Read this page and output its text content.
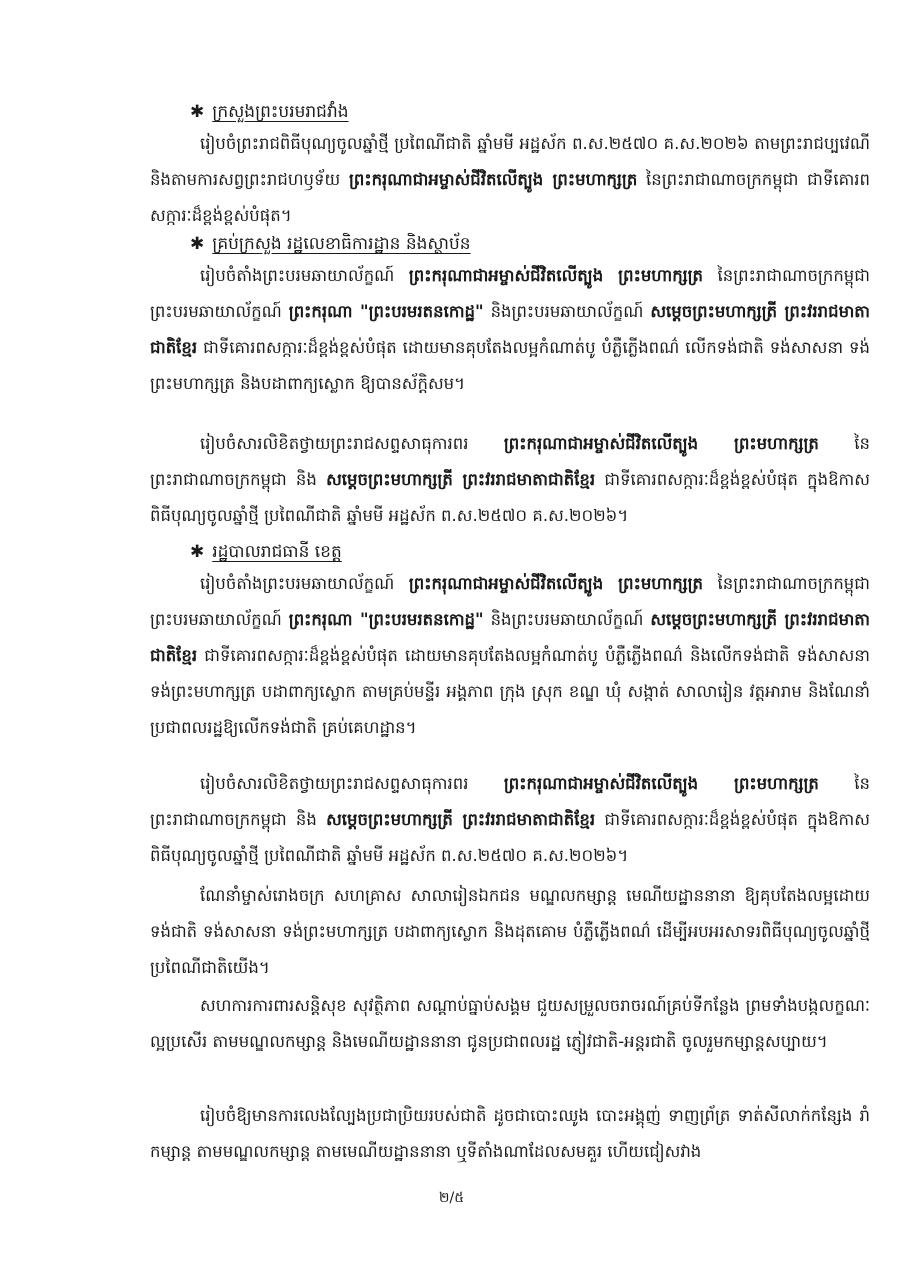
✱ ក្រសួងព្រះបរមរាជវាំង
រៀបចំព្រះរាជពិធីបុណ្យចូលឆ្នាំថ្មី ប្រពៃណីជាតិ ឆ្នាំមមី អដ្ឋស័ក ព.ស.២៥៧០ គ.ស.២០២៦ តាមព្រះរាជប្បវេណី និងតាមការសព្វព្រះរាជហឫទ័យ ព្រះករុណាជាអម្ចាស់ជីវិតលើត្បូង ព្រះមហាក្សត្រ នៃព្រះរាជាណាចក្រកម្ពុជា ជាទីគោរពសក្ការៈដ៏ខ្ពង់ខ្ពស់បំផុត។
✱ គ្រប់ក្រសួង រដ្ឋលេខាធិការដ្ឋាន និងស្ថាប័ន
រៀបចំតាំងព្រះបរមឆាយាល័ក្ខណ៍ ព្រះករុណាជាអម្ចាស់ជីវិតលើត្បូង ព្រះមហាក្សត្រ នៃព្រះរាជាណាចក្រកម្ពុជា ព្រះបរមឆាយាល័ក្ខណ៍ ព្រះករុណា "ព្រះបរមរតនកោដ្ឋ" និងព្រះបរមឆាយាល័ក្ខណ៍ សម្តេចព្រះមហាក្សត្រី ព្រះវររាជមាតាជាតិខ្មែរ ជាទីគោរពសក្ការៈដ៏ខ្ពង់ខ្ពស់បំផុត ដោយមានគុបតែងលម្អកំណាត់បូ បំភ្លឺភ្លើងពណ៌ លើកទង់ជាតិ ទង់សាសនា ទង់ព្រះមហាក្សត្រ និងបដាពាក្យស្លោក ឱ្យបានស័ក្តិសម។
រៀបចំសារលិខិតថ្វាយព្រះរាជសព្ទសាធុការពរ ព្រះករុណាជាអម្ចាស់ជីវិតលើត្បូង ព្រះមហាក្សត្រ នៃព្រះរាជាណាចក្រកម្ពុជា និង សម្តេចព្រះមហាក្សត្រី ព្រះវររាជមាតាជាតិខ្មែរ ជាទីគោរពសក្ការៈដ៏ខ្ពង់ខ្ពស់បំផុត ក្នុងឱកាសពិធីបុណ្យចូលឆ្នាំថ្មី ប្រពៃណីជាតិ ឆ្នាំមមី អដ្ឋស័ក ព.ស.២៥៧០ គ.ស.២០២៦។
✱ រដ្ឋបាលរាជធានី ខេត្ត
រៀបចំតាំងព្រះបរមឆាយាល័ក្ខណ៍ ព្រះករុណាជាអម្ចាស់ជីវិតលើត្បូង ព្រះមហាក្សត្រ នៃព្រះរាជាណាចក្រកម្ពុជា ព្រះបរមឆាយាល័ក្ខណ៍ ព្រះករុណា "ព្រះបរមរតនកោដ្ឋ" និងព្រះបរមឆាយាល័ក្ខណ៍ សម្តេចព្រះមហាក្សត្រី ព្រះវររាជមាតាជាតិខ្មែរ ជាទីគោរពសក្ការៈដ៏ខ្ពង់ខ្ពស់បំផុត ដោយមានគុបតែងលម្អកំណាត់បូ បំភ្លឺភ្លើងពណ៌ និងលើកទង់ជាតិ ទង់សាសនា ទង់ព្រះមហាក្សត្រ បដាពាក្យស្លោក តាមគ្រប់មន្ទីរ អង្គភាព ក្រុង ស្រុក ខណ្ឌ ឃុំ សង្កាត់ សាលារៀន វត្តអារាម និងណែនាំប្រជាពលរដ្ឋឱ្យលើកទង់ជាតិ គ្រប់គេហដ្ឋាន។
រៀបចំសារលិខិតថ្វាយព្រះរាជសព្ទសាធុការពរ ព្រះករុណាជាអម្ចាស់ជីវិតលើត្បូង ព្រះមហាក្សត្រ នៃព្រះរាជាណាចក្រកម្ពុជា និង សម្តេចព្រះមហាក្សត្រី ព្រះវររាជមាតាជាតិខ្មែរ ជាទីគោរពសក្ការៈដ៏ខ្ពង់ខ្ពស់បំផុត ក្នុងឱកាសពិធីបុណ្យចូលឆ្នាំថ្មី ប្រពៃណីជាតិ ឆ្នាំមមី អដ្ឋស័ក ព.ស.២៥៧០ គ.ស.២០២៦។
ណែនាំម្ចាស់រោងចក្រ សហគ្រាស សាលារៀនឯកជន មណ្ឌលកម្សាន្ត មេណីយដ្ឋាននានា ឱ្យគុបតែងលម្អដោយទង់ជាតិ ទង់សាសនា ទង់ព្រះមហាក្សត្រ បដាពាក្យស្លោក និងដុតគោម បំភ្លឺភ្លើងពណ៌ ដើម្បីអបអរសាទរពិធីបុណ្យចូលឆ្នាំថ្មី ប្រពៃណីជាតិយើង។
សហការការពារសន្តិសុខ សុវត្ថិភាព សណ្តាប់ធ្នាប់សង្គម ជួយសម្រួលចរាចរណ៍គ្រប់ទីកន្លែង ព្រមទាំងបង្កលក្ខណៈល្អប្រសើរ តាមមណ្ឌលកម្សាន្ត និងមេណីយដ្ឋាននានា ជូនប្រជាពលរដ្ឋ ភ្ញៀវជាតិ-អន្តរជាតិ ចូលរួមកម្សាន្តសប្បាយ។
រៀបចំឱ្យមានការលេងល្បែងប្រជាប្រិយរបស់ជាតិ ដូចជាបោះឈូង បោះអង្គុញ់ ទាញព្រ័ត្រ ទាត់សីលាក់កន្សែង រាំកម្សាន្ត តាមមណ្ឌលកម្សាន្ត តាមមេណីយដ្ឋាននានា ឬទីតាំងណាដែលសមគួរ ហើយជៀសវាង
២/៥
